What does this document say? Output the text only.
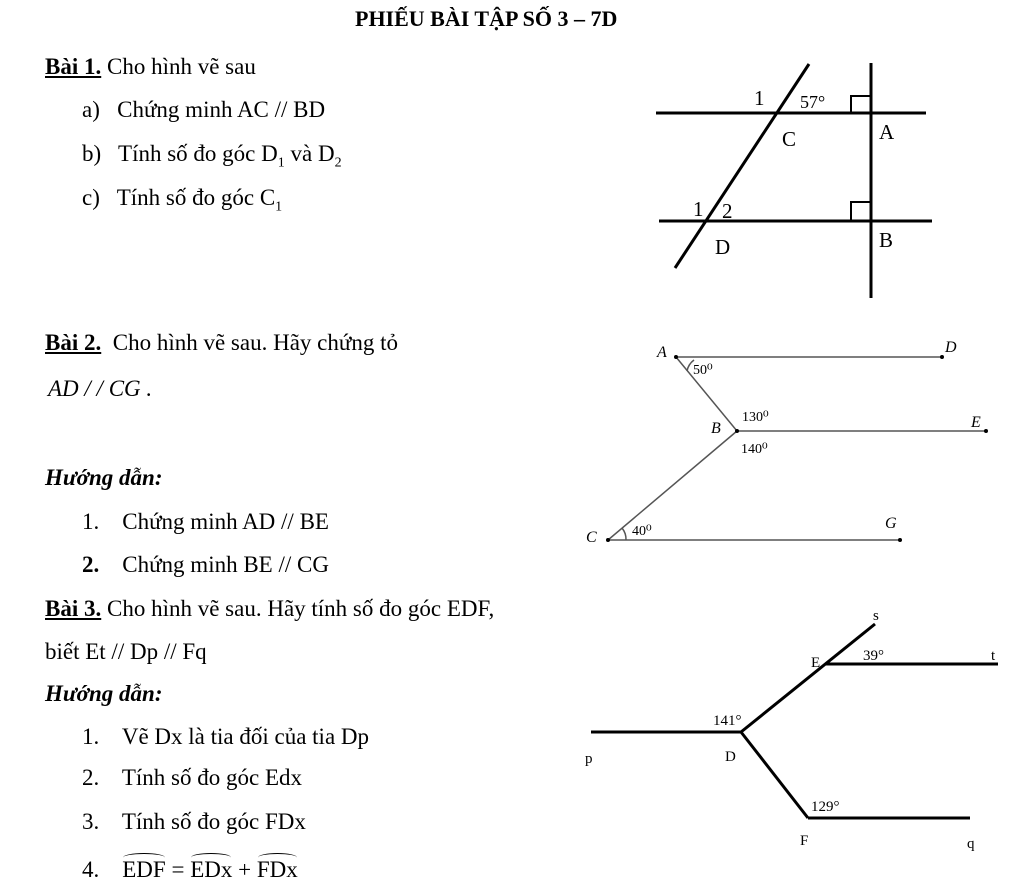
PHIẾU BÀI TẬP SỐ 3 – 7D
Bài 1. Cho hình vẽ sau
a) Chứng minh AC // BD
b) Tính số đo góc $D_1$ và $D_2$
c) Tính số đo góc $C_1$
Bài 2. Cho hình vẽ sau. Hãy chứng tỏ
AD / / CG .
Hướng dẫn:
1. Chứng minh AD // BE
2. Chứng minh BE // CG
Bài 3. Cho hình vẽ sau. Hãy tính số đo góc EDF,
biết Et // Dp // Fq
Hướng dẫn:
1. Vẽ Dx là tia đối của tia Dp
2. Tính số đo góc Edx
3. Tính số đo góc FDx
4. EDF = EDx + FDx
1 57°
C	A
1 2
D	B
A	D
50⁰
130⁰
B	E
140⁰
C	40⁰	G
s
E	39°	t
141°
p	D
129°
F	q
